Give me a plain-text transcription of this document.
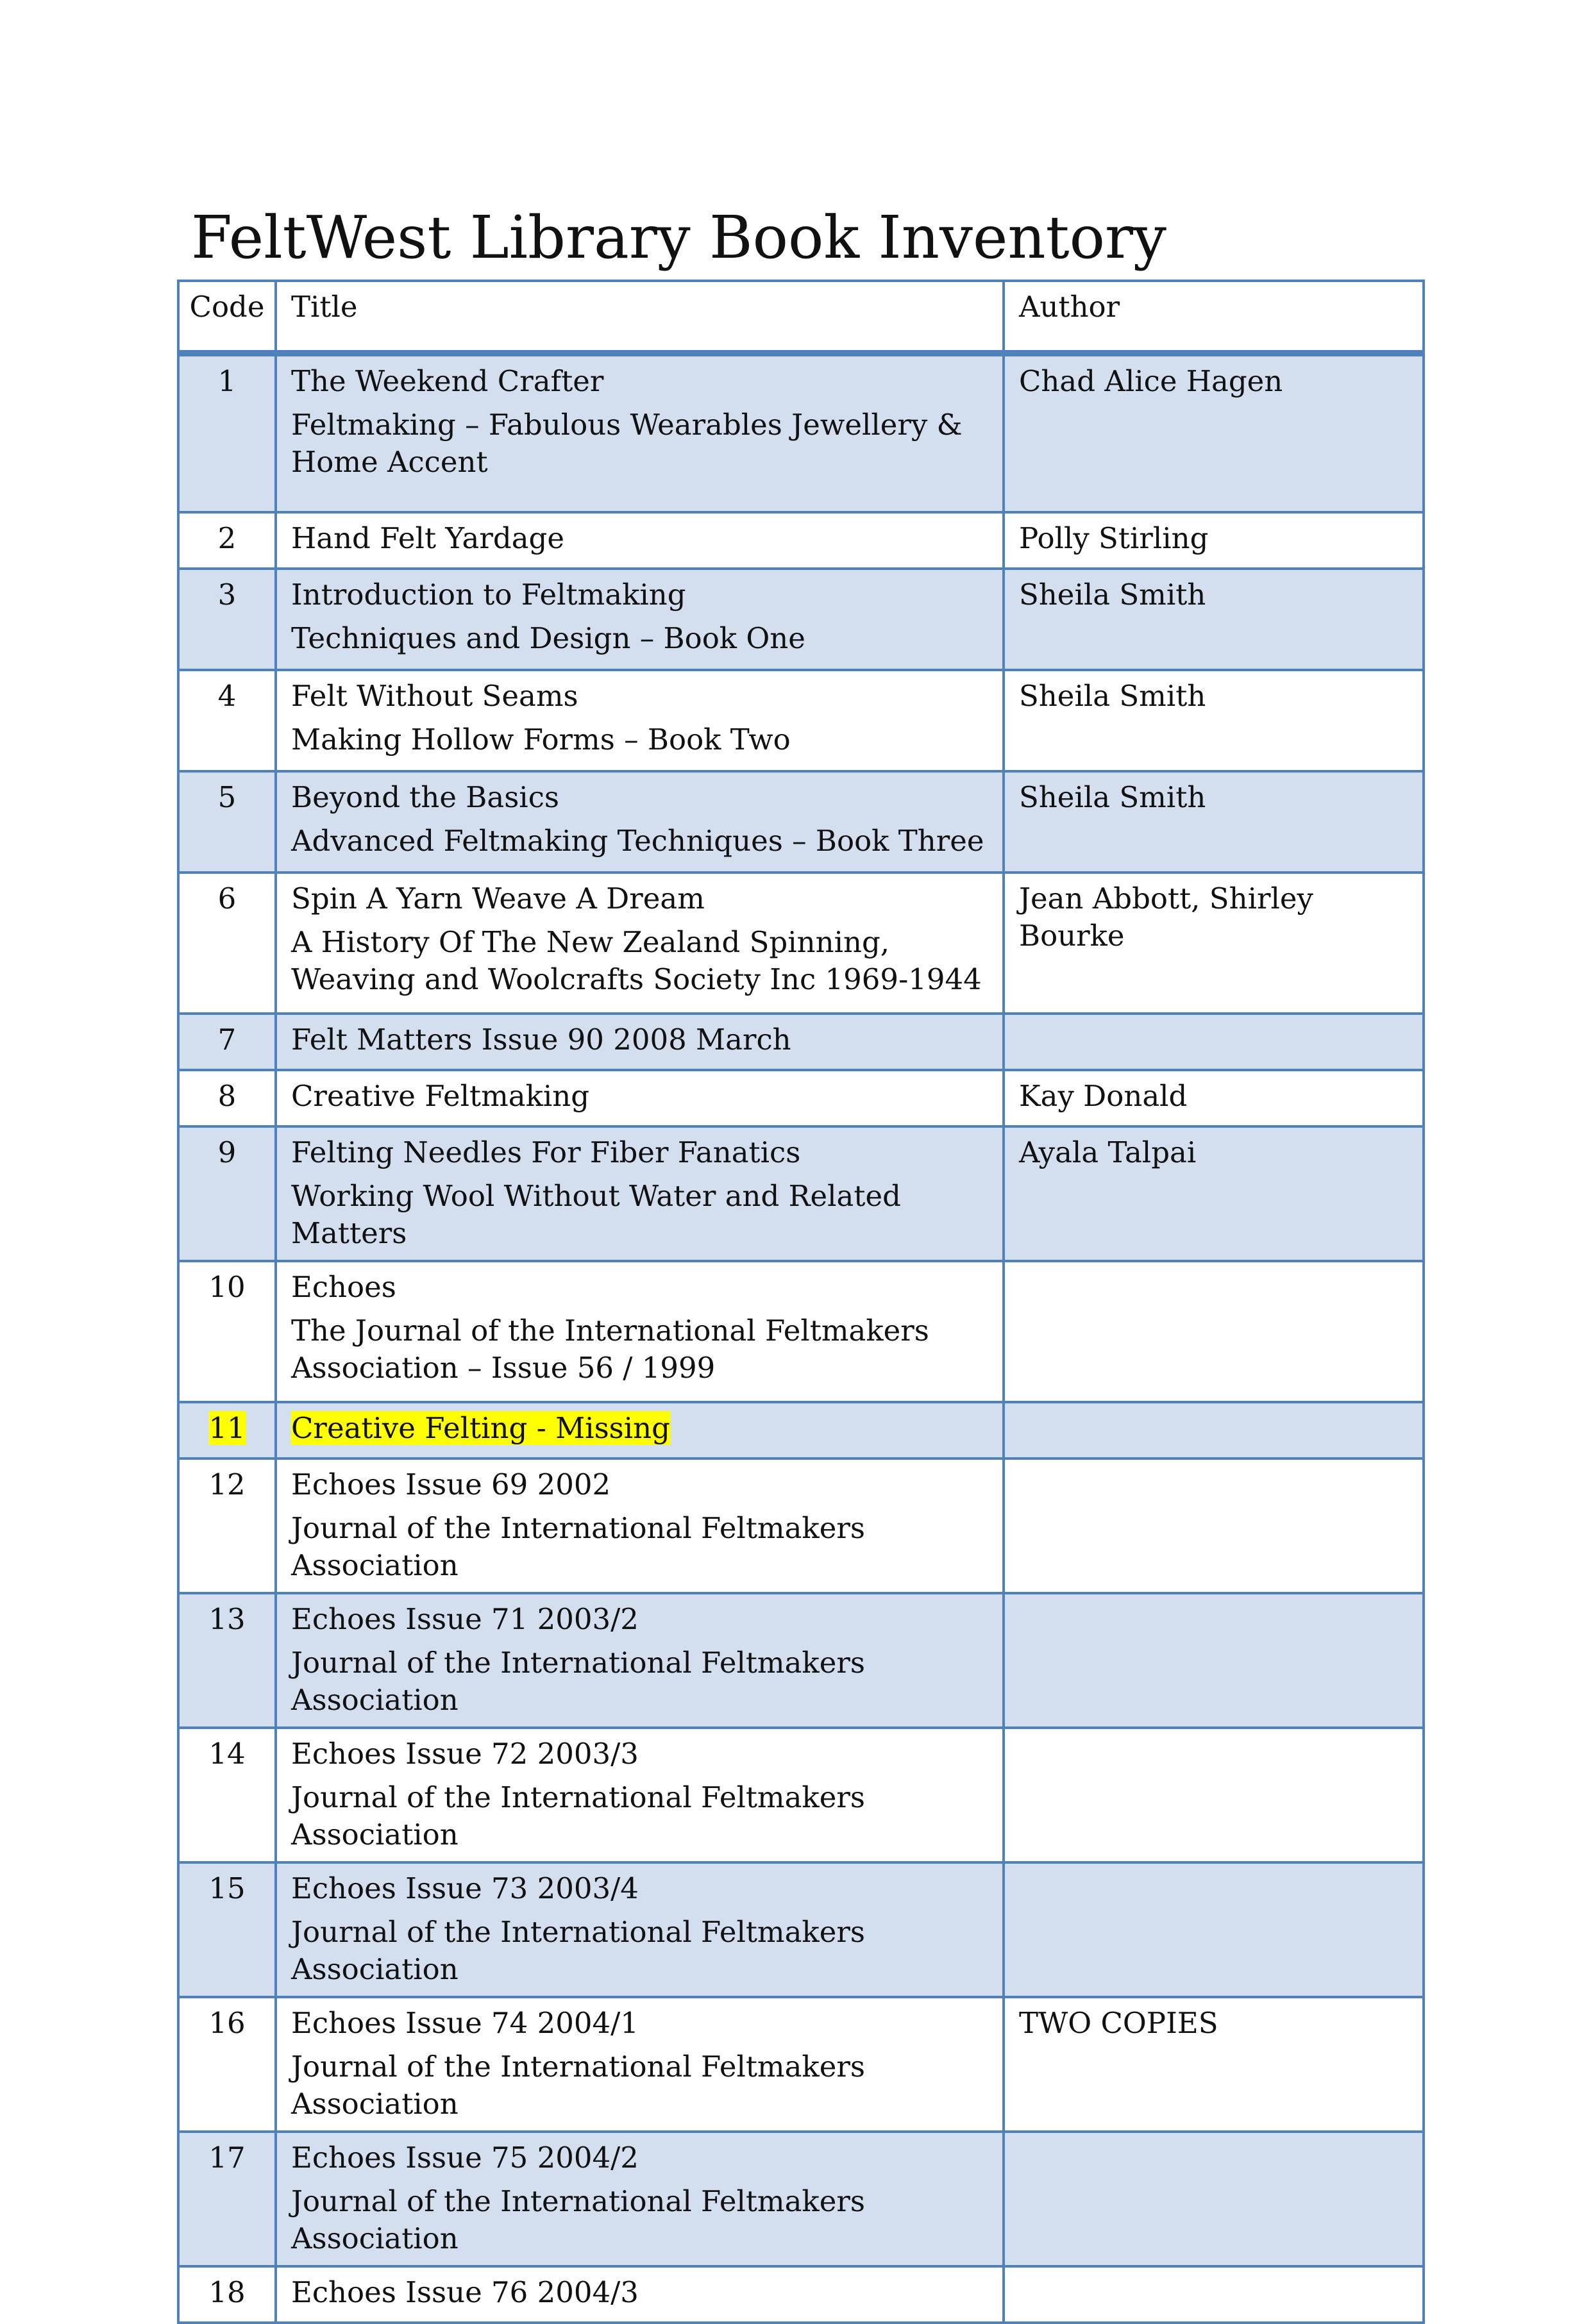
FeltWest Library Book Inventory
Code	Title	Author
1	The Weekend Crafter
Feltmaking – Fabulous Wearables Jewellery & Home Accent	Chad Alice Hagen
2	Hand Felt Yardage	Polly Stirling
3	Introduction to Feltmaking
Techniques and Design – Book One	Sheila Smith
4	Felt Without Seams
Making Hollow Forms – Book Two	Sheila Smith
5	Beyond the Basics
Advanced Feltmaking Techniques – Book Three	Sheila Smith
6	Spin A Yarn Weave A Dream
A History Of The New Zealand Spinning, Weaving and Woolcrafts Society Inc 1969-1944	Jean Abbott, Shirley Bourke
7	Felt Matters Issue 90 2008 March	
8	Creative Feltmaking	Kay Donald
9	Felting Needles For Fiber Fanatics
Working Wool Without Water and Related Matters	Ayala Talpai
10	Echoes
The Journal of the International Feltmakers Association – Issue 56 / 1999	

11	Creative Felting - Missing	
12	Echoes Issue 69 2002
Journal of the International Feltmakers Association	

13	Echoes Issue 71 2003/2
Journal of the International Feltmakers Association	

14	Echoes Issue 72 2003/3
Journal of the International Feltmakers Association	

15	Echoes Issue 73 2003/4
Journal of the International Feltmakers Association	

16	Echoes Issue 74 2004/1
Journal of the International Feltmakers Association	TWO COPIES
17	Echoes Issue 75 2004/2
Journal of the International Feltmakers Association	

18	Echoes Issue 76 2004/3	
